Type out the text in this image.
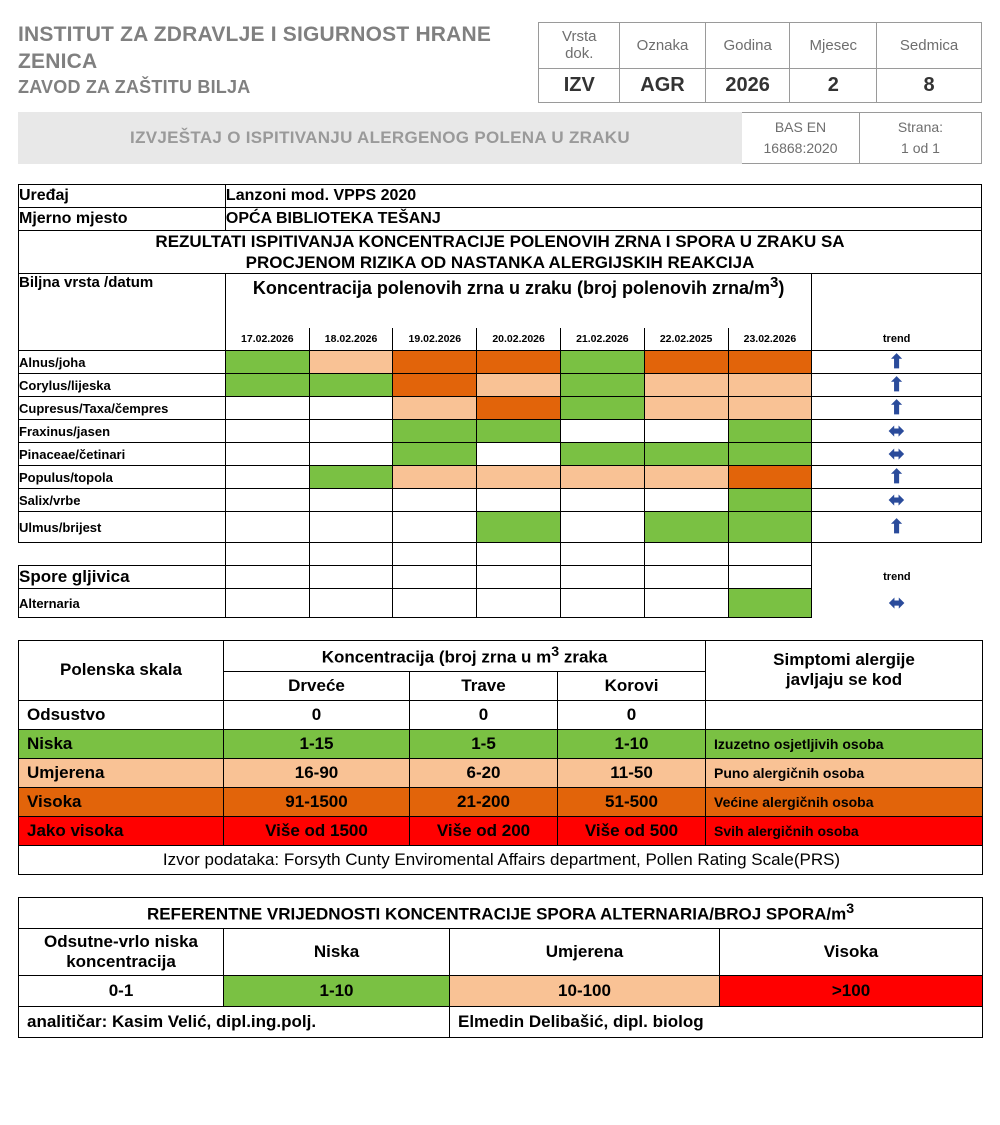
INSTITUT ZA ZDRAVLJE I SIGURNOST HRANE
ZENICA
ZAVOD ZA ZAŠTITU BILJA
Vrsta dok.	Oznaka	Godina	Mjesec	Sedmica
IZV	AGR	2026	2	8
IZVJEŠTAJ O ISPITIVANJU ALERGENOG POLENA U ZRAKU
BAS EN
16868:2020
Strana:
1 od 1
Uređaj	Lanzoni mod. VPPS 2020							
Mjerno mjesto	OPĆA BIBLIOTEKA TEŠANJ							

REZULTATI ISPITIVANJA KONCENTRACIJE POLENOVIH ZRNA I SPORA U ZRAKU SA
PROCJENOM RIZIKA OD NASTANKA ALERGIJSKIH REAKCIJA								

Biljna vrsta /datum	Koncentracija polenovih zrna u zraku (broj polenovih zrna/$m^3$)							
	17.02.2026	18.02.2026	19.02.2026	20.02.2026	21.02.2026	22.02.2025	23.02.2026	trend
Alnus/joha								⬆
Corylus/lijeska								⬆
Cupresus/Taxa/čempres								⬆
Fraxinus/jasen								⬌
Pinaceae/četinari								⬌
Populus/topola								⬆
Salix/vrbe								⬌
Ulmus/brijest								⬆

Spore gljivica								trend
Alternaria								⬌
Polenska skala	Koncentracija (broj zrna u $m^3$ zraka			Simptomi alergije
javljaju se kod

	Drveće	Trave	Korovi	
Odsustvo	0	0	0	
Niska	1-15	1-5	1-10	Izuzetno osjetljivih osoba
Umjerena	16-90	6-20	11-50	Puno alergičnih osoba
Visoka	91-1500	21-200	51-500	Većine alergičnih osoba
Jako visoka	Više od 1500	Više od 200	Više od 500	Svih alergičnih osoba
Izvor podataka: Forsyth Cunty Enviromental Affairs department, Pollen Rating Scale(PRS)				
REFERENTNE VRIJEDNOSTI KONCENTRACIJE SPORA ALTERNARIA/BROJ SPORA/$m^3$

Odsutne-vrlo niska
koncentracija	Niska	Umjerena	Visoka
0-1	1-10	10-100	>100
analitičar: Kasim Velić, dipl.ing.polj.		Elmedin Delibašić, dipl. biolog	
